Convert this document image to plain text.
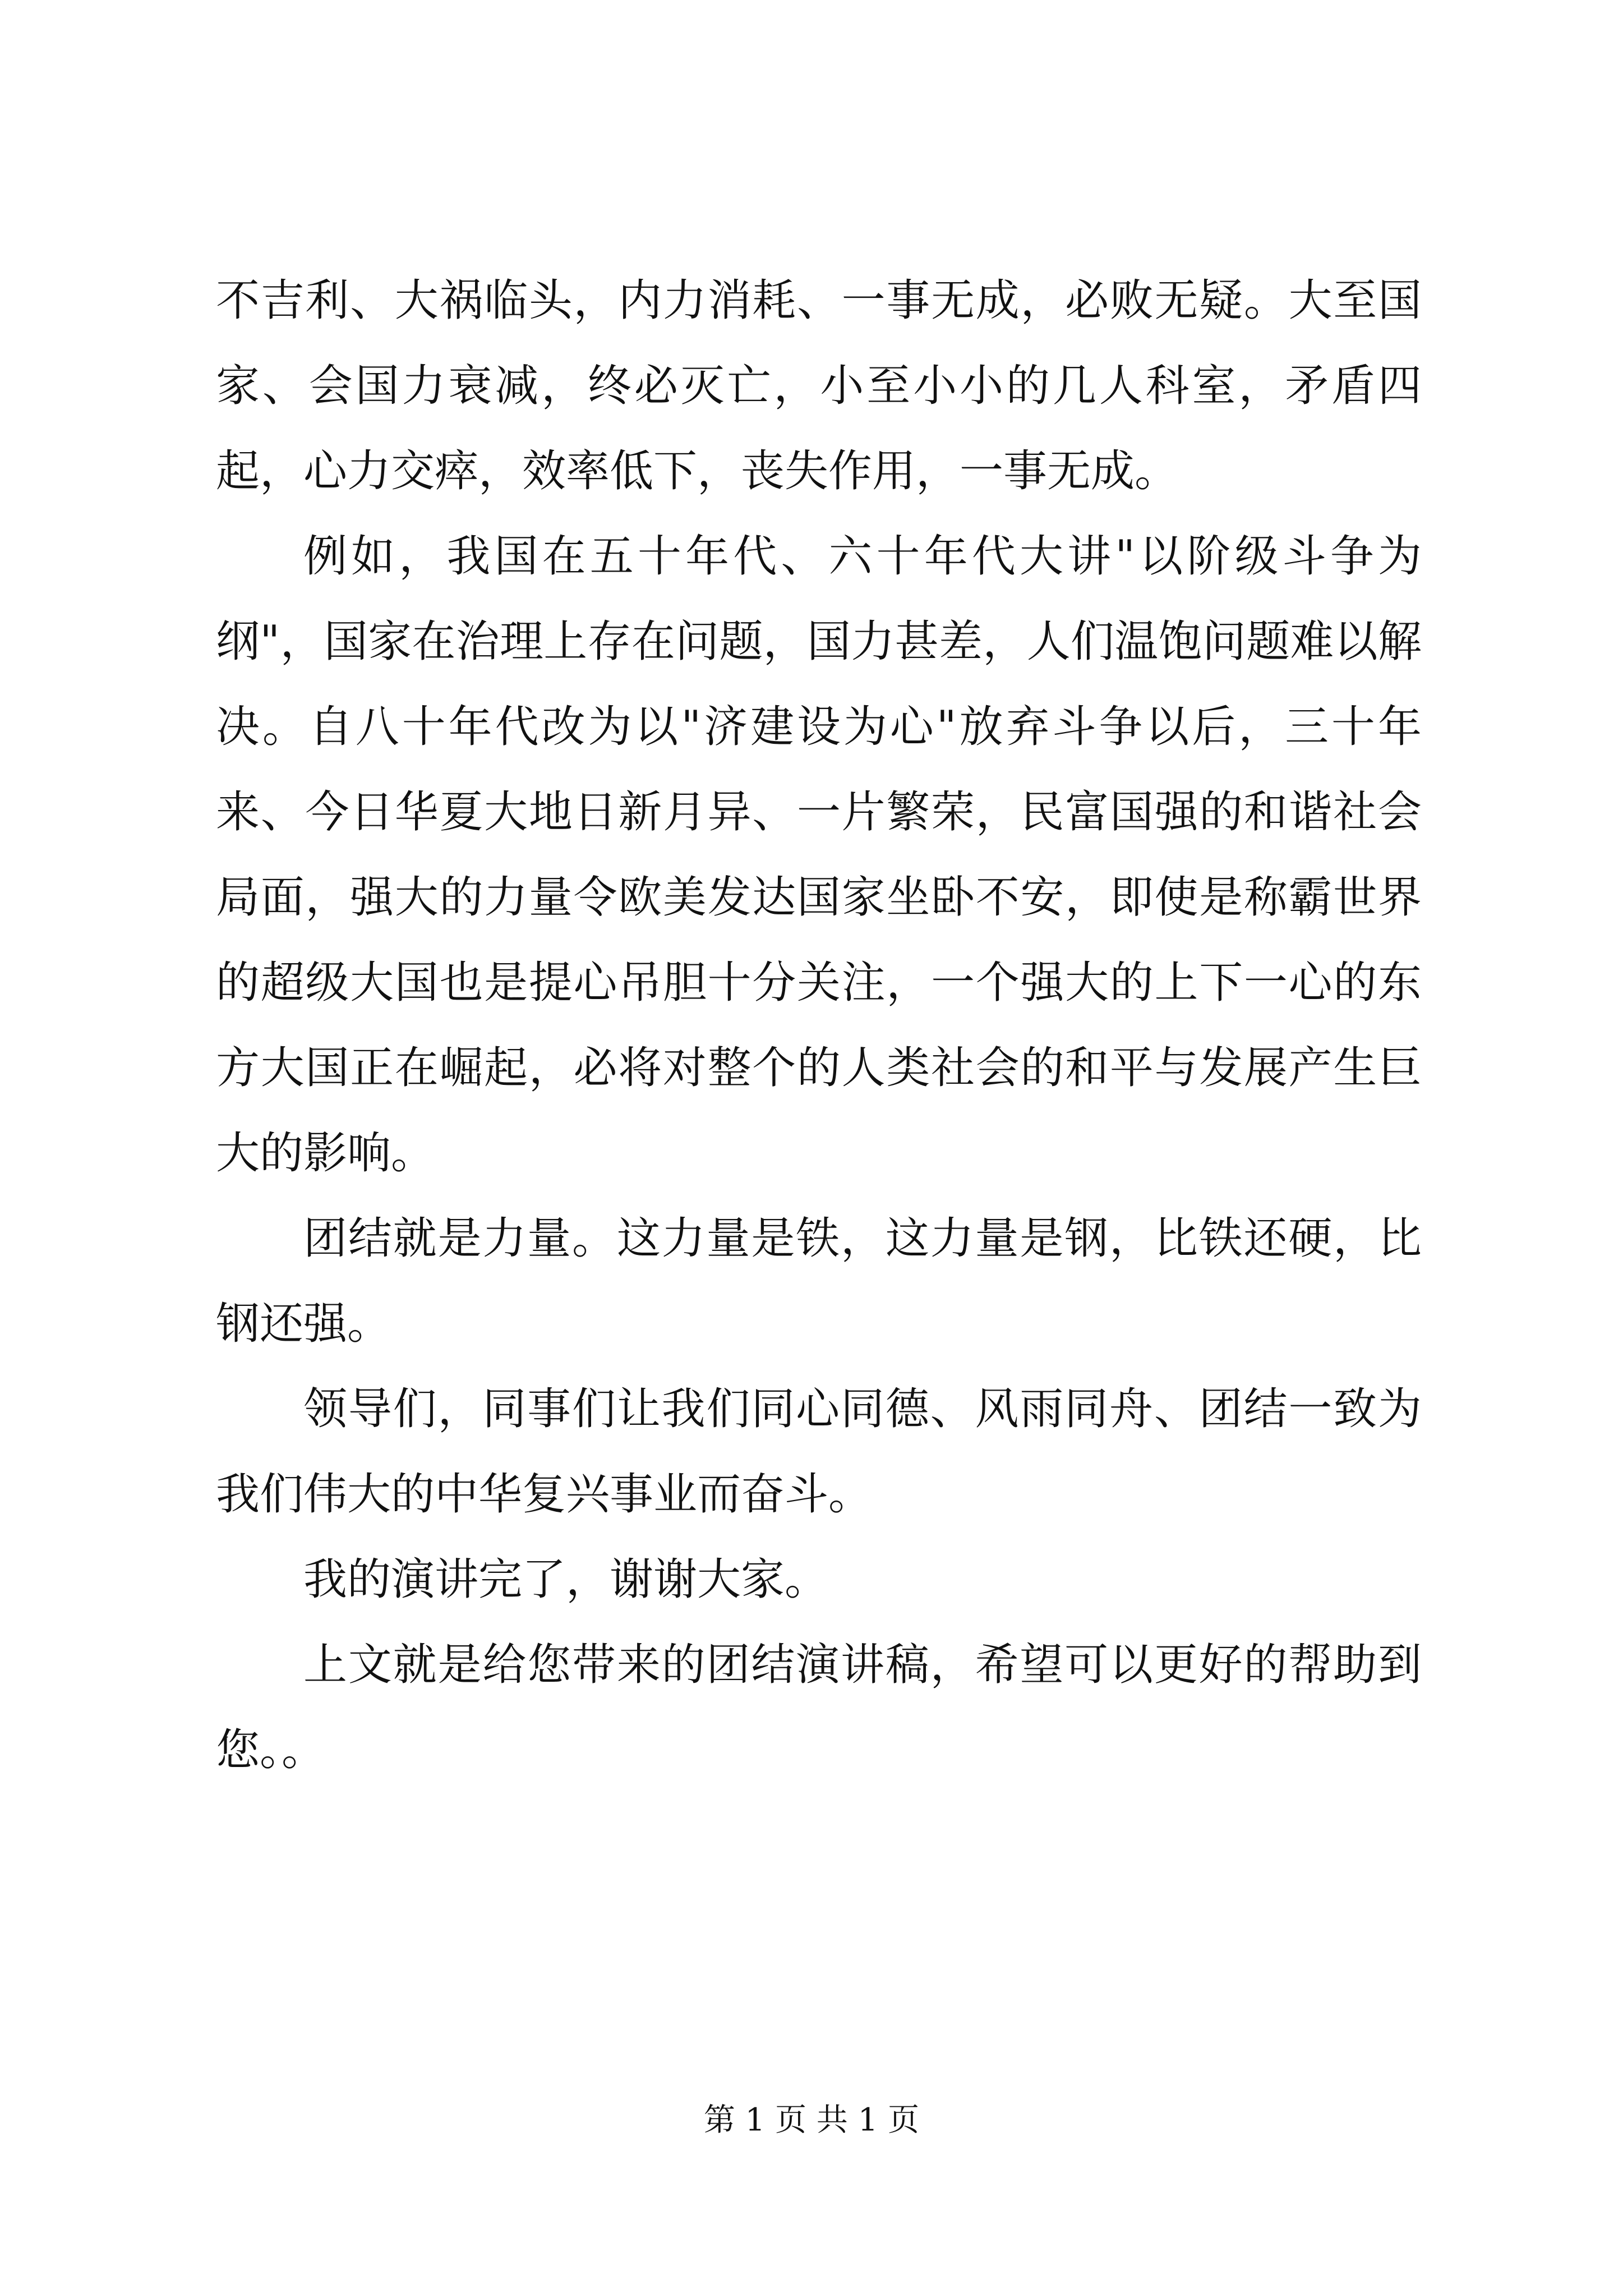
不吉利、大祸临头，内力消耗、一事无成，必败无疑。大至国家、会国力衰减，终必灭亡，小至小小的几人科室，矛盾四起，心力交瘁，效率低下，丧失作用，一事无成。

例如，我国在五十年代、六十年代大讲"以阶级斗争为纲"，国家在治理上存在问题，国力甚差，人们温饱问题难以解决。自八十年代改为以"济建设为心"放弃斗争以后，三十年来、今日华夏大地日新月异、一片繁荣，民富国强的和谐社会局面，强大的力量令欧美发达国家坐卧不安，即使是称霸世界的超级大国也是提心吊胆十分关注，一个强大的上下一心的东方大国正在崛起，必将对整个的人类社会的和平与发展产生巨大的影响。

团结就是力量。这力量是铁，这力量是钢，比铁还硬，比钢还强。

领导们，同事们让我们同心同德、风雨同舟、团结一致为我们伟大的中华复兴事业而奋斗。

我的演讲完了，谢谢大家。

上文就是给您带来的团结演讲稿，希望可以更好的帮助到您。。

第 1 页 共 1 页
